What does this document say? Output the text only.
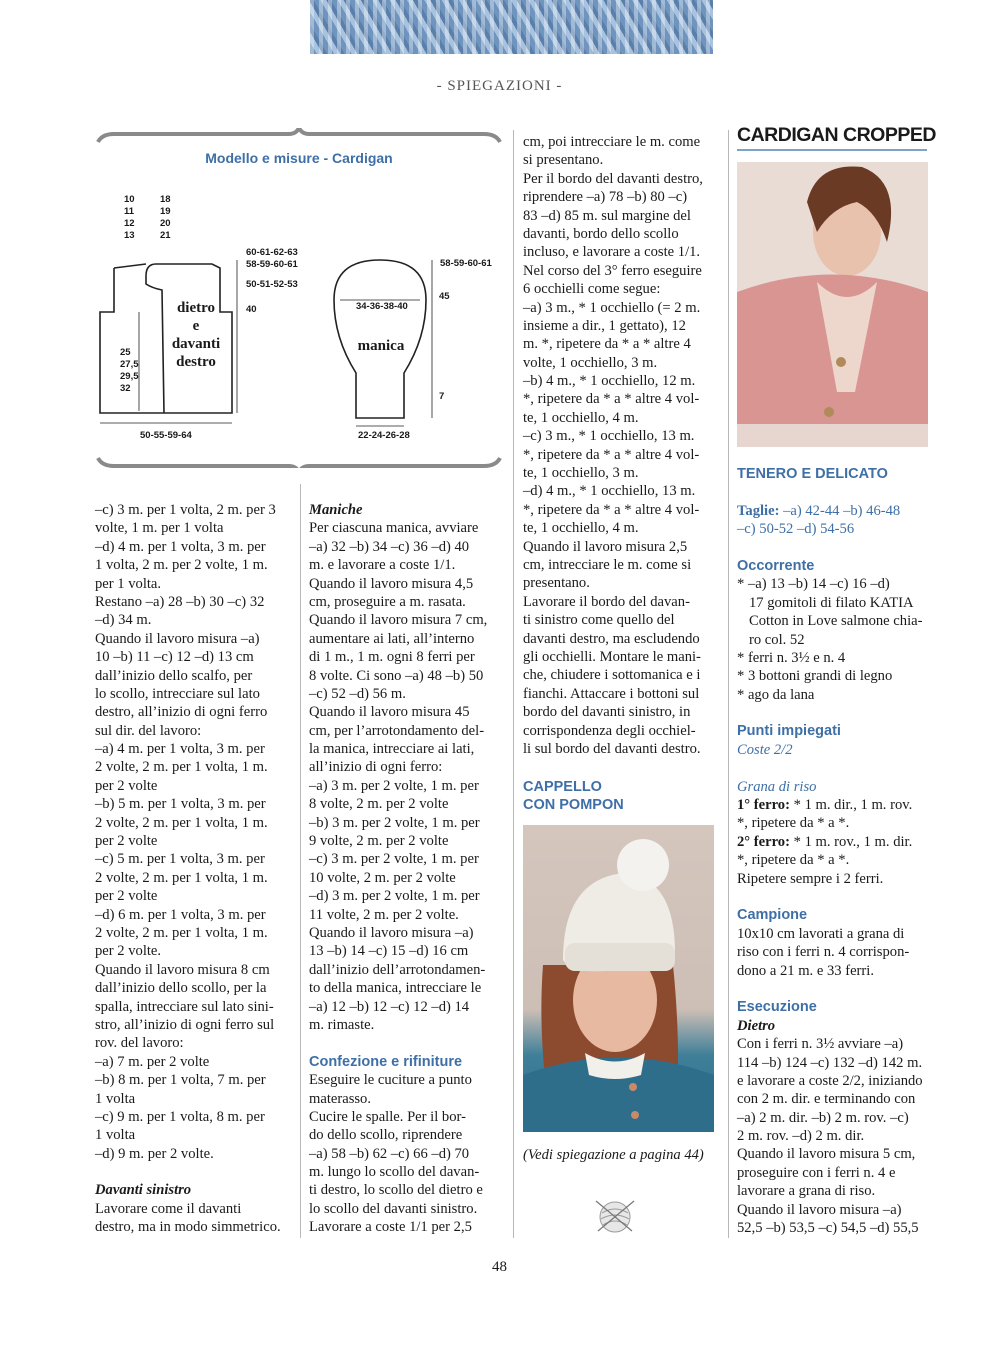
- SPIEGAZIONI -
Modello e misure - Cardigan
10
11
12
13
18
19
20
21
60-61-62-63
58-59-60-61
50-51-52-53
40
dietro
e
davanti
destro
25
27,5
29,5
32
50-55-59-64
58-59-60-61
34-36-38-40
45
7
manica
22-24-26-28
–c) 3 m. per 1 volta, 2 m. per 3
volte, 1 m. per 1 volta
–d) 4 m. per 1 volta, 3 m. per
1 volta, 2 m. per 2 volte, 1 m.
per 1 volta.
Restano –a) 28 –b) 30 –c) 32
–d) 34 m.
Quando il lavoro misura –a)
10 –b) 11 –c) 12 –d) 13 cm
dall’inizio dello scalfo, per
lo scollo, intrecciare sul lato
destro, all’inizio di ogni ferro
sul dir. del lavoro:
–a) 4 m. per 1 volta, 3 m. per
2 volte, 2 m. per 1 volta, 1 m.
per 2 volte
–b) 5 m. per 1 volta, 3 m. per
2 volte, 2 m. per 1 volta, 1 m.
per 2 volte
–c) 5 m. per 1 volta, 3 m. per
2 volte, 2 m. per 1 volta, 1 m.
per 2 volte
–d) 6 m. per 1 volta, 3 m. per
2 volte, 2 m. per 1 volta, 1 m.
per 2 volte.
Quando il lavoro misura 8 cm
dall’inizio dello scollo, per la
spalla, intrecciare sul lato sini-
stro, all’inizio di ogni ferro sul
rov. del lavoro:
–a) 7 m. per 2 volte
–b) 8 m. per 1 volta, 7 m. per
1 volta
–c) 9 m. per 1 volta, 8 m. per
1 volta
–d) 9 m. per 2 volte.
Davanti sinistro
Lavorare come il davanti
destro, ma in modo simmetrico.
Maniche
Per ciascuna manica, avviare
–a) 32 –b) 34 –c) 36 –d) 40
m. e lavorare a coste 1/1.
Quando il lavoro misura 4,5
cm, proseguire a m. rasata.
Quando il lavoro misura 7 cm,
aumentare ai lati, all’interno
di 1 m., 1 m. ogni 8 ferri per
8 volte. Ci sono –a) 48 –b) 50
–c) 52 –d) 56 m.
Quando il lavoro misura 45
cm, per l’arrotondamento del-
la manica, intrecciare ai lati,
all’inizio di ogni ferro:
–a) 3 m. per 2 volte, 1 m. per
8 volte, 2 m. per 2 volte
–b) 3 m. per 2 volte, 1 m. per
9 volte, 2 m. per 2 volte
–c) 3 m. per 2 volte, 1 m. per
10 volte, 2 m. per 2 volte
–d) 3 m. per 2 volte, 1 m. per
11 volte, 2 m. per 2 volte.
Quando il lavoro misura –a)
13 –b) 14 –c) 15 –d) 16 cm
dall’inizio dell’arrotondamen-
to della manica, intrecciare le
–a) 12 –b) 12 –c) 12 –d) 14
m. rimaste.
Confezione e rifiniture
Eseguire le cuciture a punto
materasso.
Cucire le spalle. Per il bor-
do dello scollo, riprendere
–a) 58 –b) 62 –c) 66 –d) 70
m. lungo lo scollo del davan-
ti destro, lo scollo del dietro e
lo scollo del davanti sinistro.
Lavorare a coste 1/1 per 2,5
cm, poi intrecciare le m. come
si presentano.
Per il bordo del davanti destro,
riprendere –a) 78 –b) 80 –c)
83 –d) 85 m. sul margine del
davanti, bordo dello scollo
incluso, e lavorare a coste 1/1.
Nel corso del 3° ferro eseguire
6 occhielli come segue:
–a) 3 m., * 1 occhiello (= 2 m.
insieme a dir., 1 gettato), 12
m. *, ripetere da * a * altre 4
volte, 1 occhiello, 3 m.
–b) 4 m., * 1 occhiello, 12 m.
*, ripetere da * a * altre 4 vol-
te, 1 occhiello, 4 m.
–c) 3 m., * 1 occhiello, 13 m.
*, ripetere da * a * altre 4 vol-
te, 1 occhiello, 3 m.
–d) 4 m., * 1 occhiello, 13 m.
*, ripetere da * a * altre 4 vol-
te, 1 occhiello, 4 m.
Quando il lavoro misura 2,5
cm, intrecciare le m. come si
presentano.
Lavorare il bordo del davan-
ti sinistro come quello del
davanti destro, ma escludendo
gli occhielli. Montare le mani-
che, chiudere i sottomanica e i
fianchi. Attaccare i bottoni sul
bordo del davanti sinistro, in
corrispondenza degli occhiel-
li sul bordo del davanti destro.
CAPPELLO
CON POMPON
(Vedi spiegazione a pagina 44)
CARDIGAN CROPPED
TENERO E DELICATO
Taglie: –a) 42-44 –b) 46-48
–c) 50-52 –d) 54-56
Occorrente
* –a) 13 –b) 14 –c) 16 –d)
17 gomitoli di filato KATIA
Cotton in Love salmone chia-
ro col. 52
* ferri n. 3½ e n. 4
* 3 bottoni grandi di legno
* ago da lana
Punti impiegati
Coste 2/2
Grana di riso
1° ferro: * 1 m. dir., 1 m. rov.
*, ripetere da * a *.
2° ferro: * 1 m. rov., 1 m. dir.
*, ripetere da * a *.
Ripetere sempre i 2 ferri.
Campione
10x10 cm lavorati a grana di
riso con i ferri n. 4 corrispon-
dono a 21 m. e 33 ferri.
Esecuzione
Dietro
Con i ferri n. 3½ avviare –a)
114 –b) 124 –c) 132 –d) 142 m.
e lavorare a coste 2/2, iniziando
con 2 m. dir. e terminando con
–a) 2 m. dir. –b) 2 m. rov. –c)
2 m. rov. –d) 2 m. dir.
Quando il lavoro misura 5 cm,
proseguire con i ferri n. 4 e
lavorare a grana di riso.
Quando il lavoro misura –a)
52,5 –b) 53,5 –c) 54,5 –d) 55,5
48
